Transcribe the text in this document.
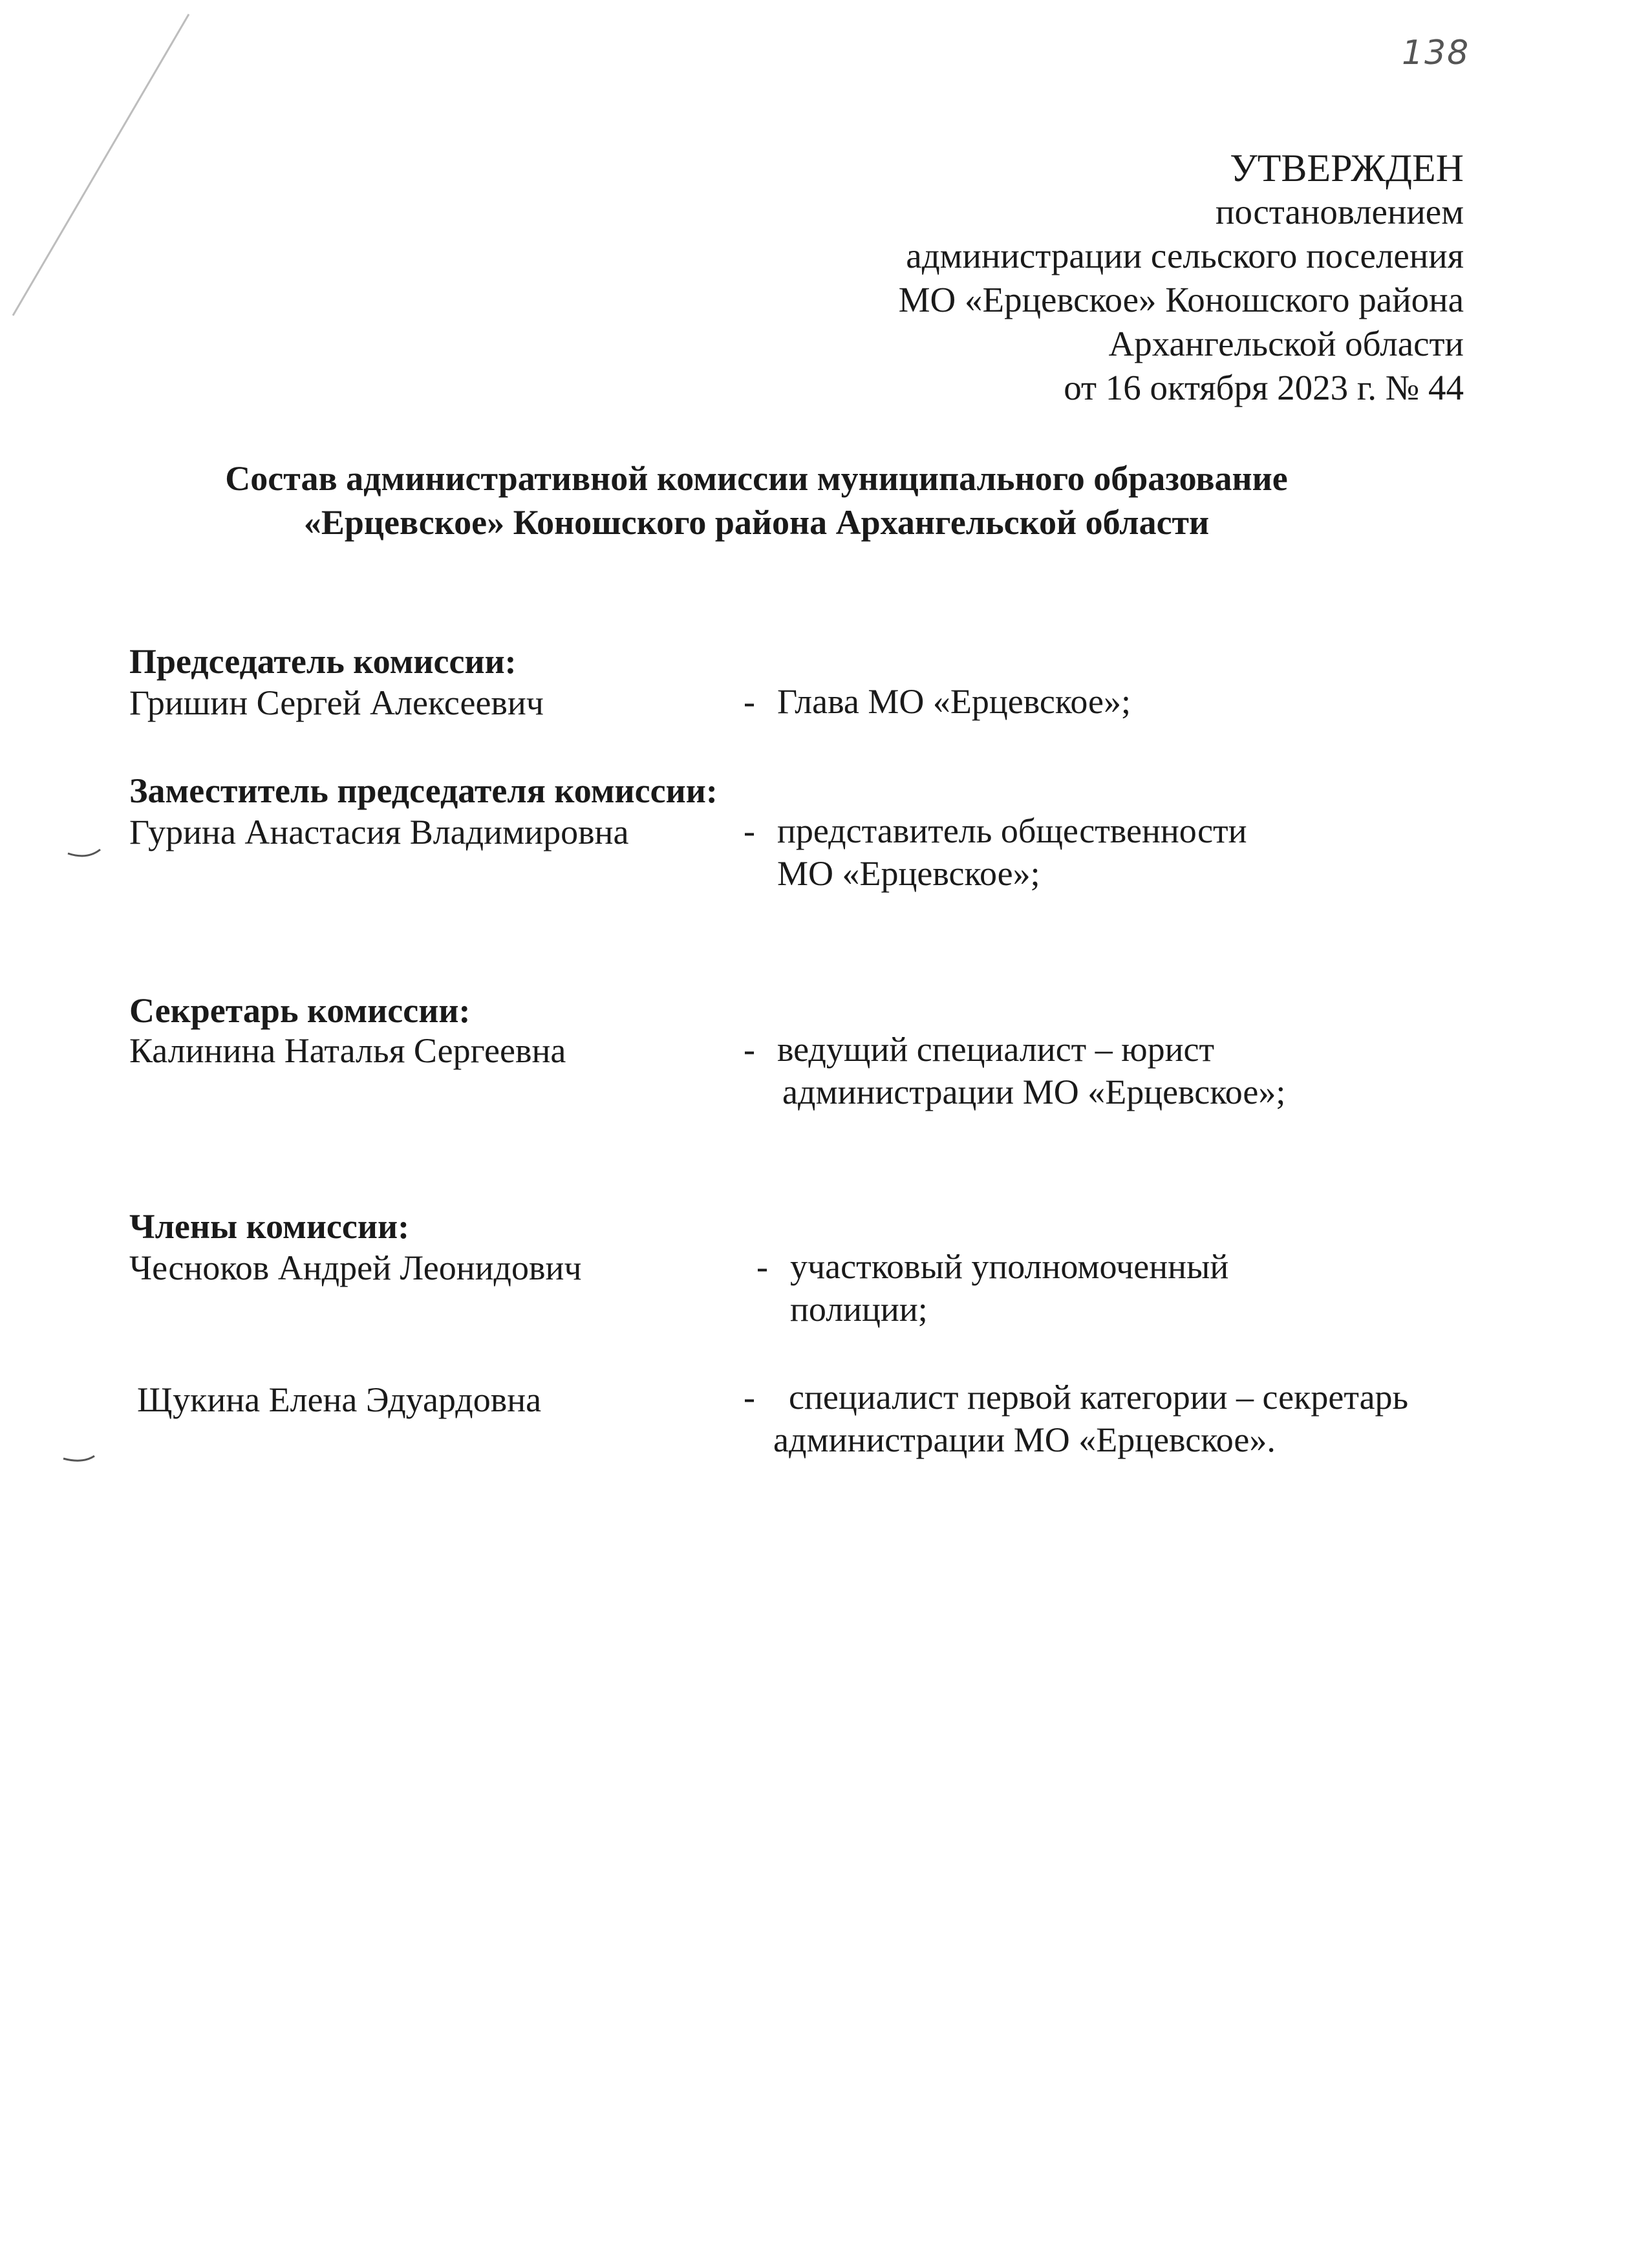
138
УТВЕРЖДЕН
постановлением
администрации сельского поселения
МО «Ерцевское» Коношского района
Архангельской области
от 16 октября 2023 г. № 44
Состав административной комиссии муниципального образование
«Ерцевское» Коношского района Архангельской области
Председатель комиссии:
Гришин Сергей Алексеевич	- Глава МО «Ерцевское»;
Заместитель председателя комиссии:
Гурина Анастасия Владимировна	- представитель общественности
МО «Ерцевское»;
Секретарь комиссии:
Калинина Наталья Сергеевна	- ведущий специалист – юрист
администрации МО «Ерцевское»;
Члены комиссии:
Чесноков Андрей Леонидович	- участковый уполномоченный
полиции;
Щукина Елена Эдуардовна	- специалист первой категории – секретарь
администрации МО «Ерцевское».
